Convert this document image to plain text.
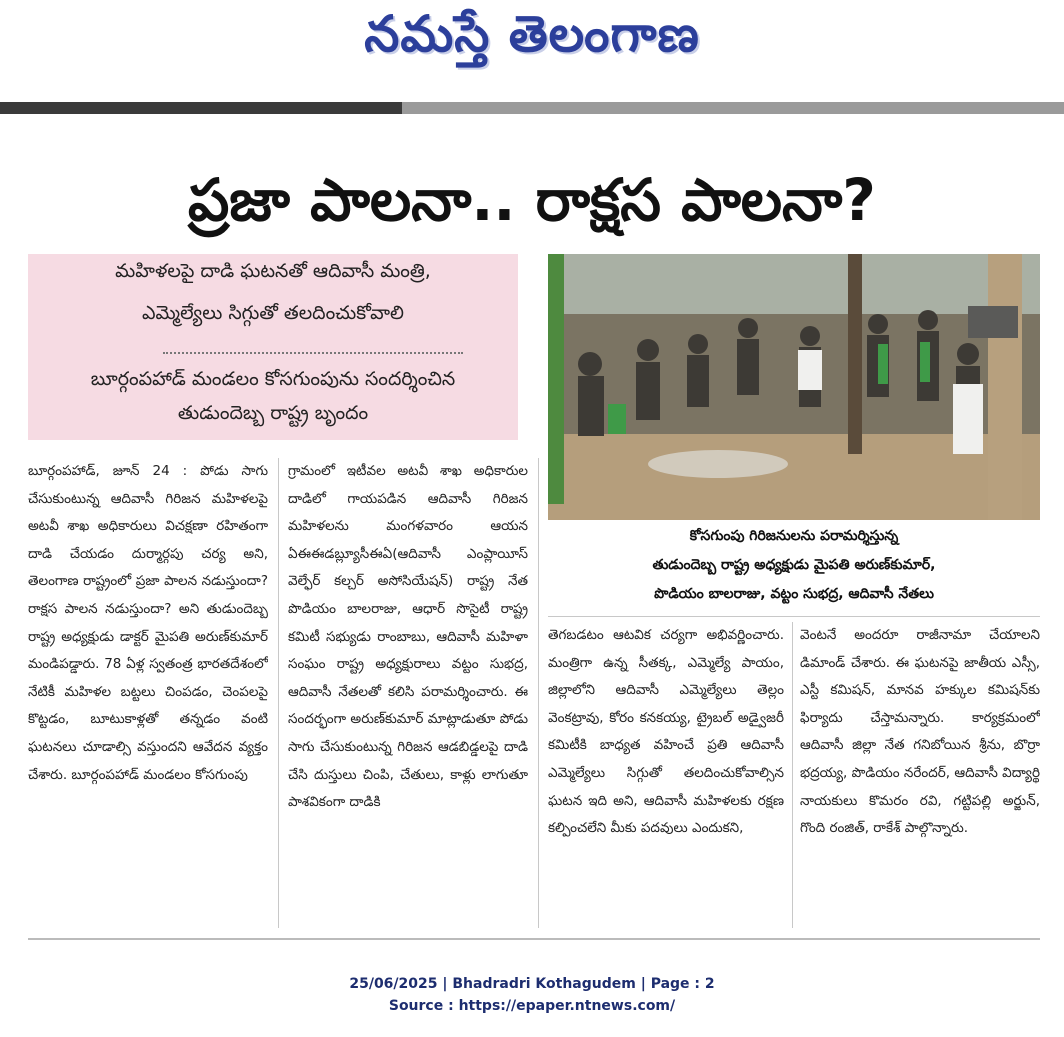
నమస్తే తెలంగాణ
ప్రజా పాలనా.. రాక్షస పాలనా?
మహిళలపై దాడి ఘటనతో ఆదివాసీ మంత్రి,
ఎమ్మెల్యేలు సిగ్గుతో తలదించుకోవాలి
బూర్గంపహాడ్ మండలం కోసగుంపును సందర్శించిన
తుడుందెబ్బ రాష్ట్ర బృందం
కోసగుంపు గిరిజనులను పరామర్శిస్తున్న
తుడుందెబ్బ రాష్ట్ర అధ్యక్షుడు మైపతి అరుణ్‌కుమార్,
పొడియం బాలరాజు, వట్టం సుభద్ర, ఆదివాసీ నేతలు
బూర్గంపహాడ్, జూన్ 24 : పోడు సాగు చేసుకుంటున్న ఆదివాసీ గిరిజన మహిళలపై అటవీ శాఖ అధికారులు విచక్షణా రహితంగా దాడి చేయడం దుర్మార్గపు చర్య అని, తెలంగాణ రాష్ట్రంలో ప్రజా పాలన నడుస్తుందా? రాక్షస పాలన నడుస్తుందా? అని తుడుందెబ్బ రాష్ట్ర అధ్యక్షుడు డాక్టర్ మైపతి అరుణ్‌కుమార్ మండిపడ్డారు. 78 ఏళ్ల స్వతంత్ర భారతదేశంలో నేటికీ మహిళల బట్టలు చింపడం, చెంపలపై కొట్టడం, బూటుకాళ్లతో తన్నడం వంటి ఘటనలు చూడాల్సి వస్తుందని ఆవేదన వ్యక్తం చేశారు. బూర్గంపహాడ్ మండలం కోసగుంపు
గ్రామంలో ఇటీవల అటవీ శాఖ అధికారుల దాడిలో గాయపడిన ఆదివాసీ గిరిజన మహిళలను మంగళవారం ఆయన ఏఈఈడబ్ల్యూసీఈఏ(ఆదివాసీ ఎంప్లాయీస్ వెల్ఫేర్ కల్చర్ అసోసియేషన్) రాష్ట్ర నేత పొడియం బాలరాజు, ఆధార్ సొసైటీ రాష్ట్ర కమిటీ సభ్యుడు రాంబాబు, ఆదివాసీ మహిళా సంఘం రాష్ట్ర అధ్యక్షురాలు వట్టం సుభద్ర, ఆదివాసీ నేతలతో కలిసి పరామర్శించారు. ఈ సందర్భంగా అరుణ్‌కుమార్ మాట్లాడుతూ పోడు సాగు చేసుకుంటున్న గిరిజన ఆడబిడ్డలపై దాడి చేసి దుస్తులు చింపి, చేతులు, కాళ్లు లాగుతూ పాశవికంగా దాడికి
తెగబడటం ఆటవిక చర్యగా అభివర్ణించారు. మంత్రిగా ఉన్న సీతక్క, ఎమ్మెల్యే పాయం, జిల్లాలోని ఆదివాసీ ఎమ్మెల్యేలు తెల్లం వెంకట్రావు, కోరం కనకయ్య, ట్రైబల్ అడ్వైజరీ కమిటీకి బాధ్యత వహించే ప్రతి ఆదివాసీ ఎమ్మెల్యేలు సిగ్గుతో తలదించుకోవాల్సిన ఘటన ఇది అని, ఆదివాసీ మహిళలకు రక్షణ కల్పించలేని మీకు పదవులు ఎందుకని,
వెంటనే అందరూ రాజీనామా చేయాలని డిమాండ్ చేశారు. ఈ ఘటనపై జాతీయ ఎస్సీ, ఎస్టీ కమిషన్, మానవ హక్కుల కమిషన్‌కు ఫిర్యాదు చేస్తామన్నారు. కార్యక్రమంలో ఆదివాసీ జిల్లా నేత గనిబోయిన శ్రీను, బొర్రా భద్రయ్య, పొడియం నరేందర్, ఆదివాసీ విద్యార్థి నాయకులు కొమరం రవి, గట్టిపల్లి అర్జున్, గొంది రంజిత్, రాకేశ్ పాల్గొన్నారు.
25/06/2025 | Bhadradri Kothagudem | Page : 2
Source : https://epaper.ntnews.com/
